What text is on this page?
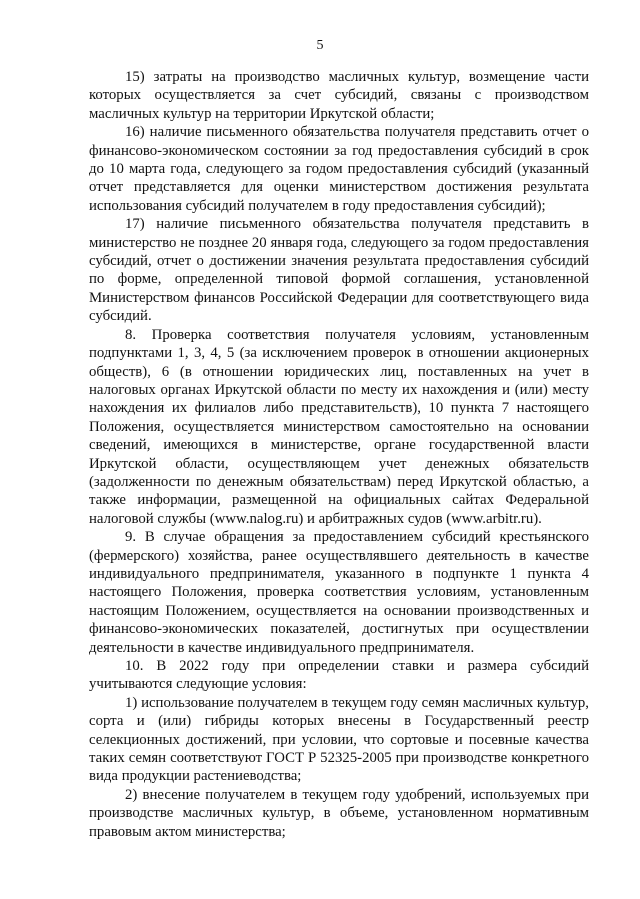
5

15) затраты на производство масличных культур, возмещение части которых осуществляется за счет субсидий, связаны с производством масличных культур на территории Иркутской области;

16) наличие письменного обязательства получателя представить отчет о финансово-экономическом состоянии за год предоставления субсидий в срок до 10 марта года, следующего за годом предоставления субсидий (указанный отчет представляется для оценки министерством достижения результата использования субсидий получателем в году предоставления субсидий);

17) наличие письменного обязательства получателя представить в министерство не позднее 20 января года, следующего за годом предоставления субсидий, отчет о достижении значения результата предоставления субсидий по форме, определенной типовой формой соглашения, установленной Министерством финансов Российской Федерации для соответствующего вида субсидий.

8. Проверка соответствия получателя условиям, установленным подпунктами 1, 3, 4, 5 (за исключением проверок в отношении акционерных обществ), 6 (в отношении юридических лиц, поставленных на учет в налоговых органах Иркутской области по месту их нахождения и (или) месту нахождения их филиалов либо представительств), 10 пункта 7 настоящего Положения, осуществляется министерством самостоятельно на основании сведений, имеющихся в министерстве, органе государственной власти Иркутской области, осуществляющем учет денежных обязательств (задолженности по денежным обязательствам) перед Иркутской областью, а также информации, размещенной на официальных сайтах Федеральной налоговой службы (www.nalog.ru) и арбитражных судов (www.arbitr.ru).

9. В случае обращения за предоставлением субсидий крестьянского (фермерского) хозяйства, ранее осуществлявшего деятельность в качестве индивидуального предпринимателя, указанного в подпункте 1 пункта 4 настоящего Положения, проверка соответствия условиям, установленным настоящим Положением, осуществляется на основании производственных и финансово-экономических показателей, достигнутых при осуществлении деятельности в качестве индивидуального предпринимателя.

10. В 2022 году при определении ставки и размера субсидий учитываются следующие условия:

1) использование получателем в текущем году семян масличных культур, сорта и (или) гибриды которых внесены в Государственный реестр селекционных достижений, при условии, что сортовые и посевные качества таких семян соответствуют ГОСТ Р 52325-2005 при производстве конкретного вида продукции растениеводства;

2) внесение получателем в текущем году удобрений, используемых при производстве масличных культур, в объеме, установленном нормативным правовым актом министерства;
